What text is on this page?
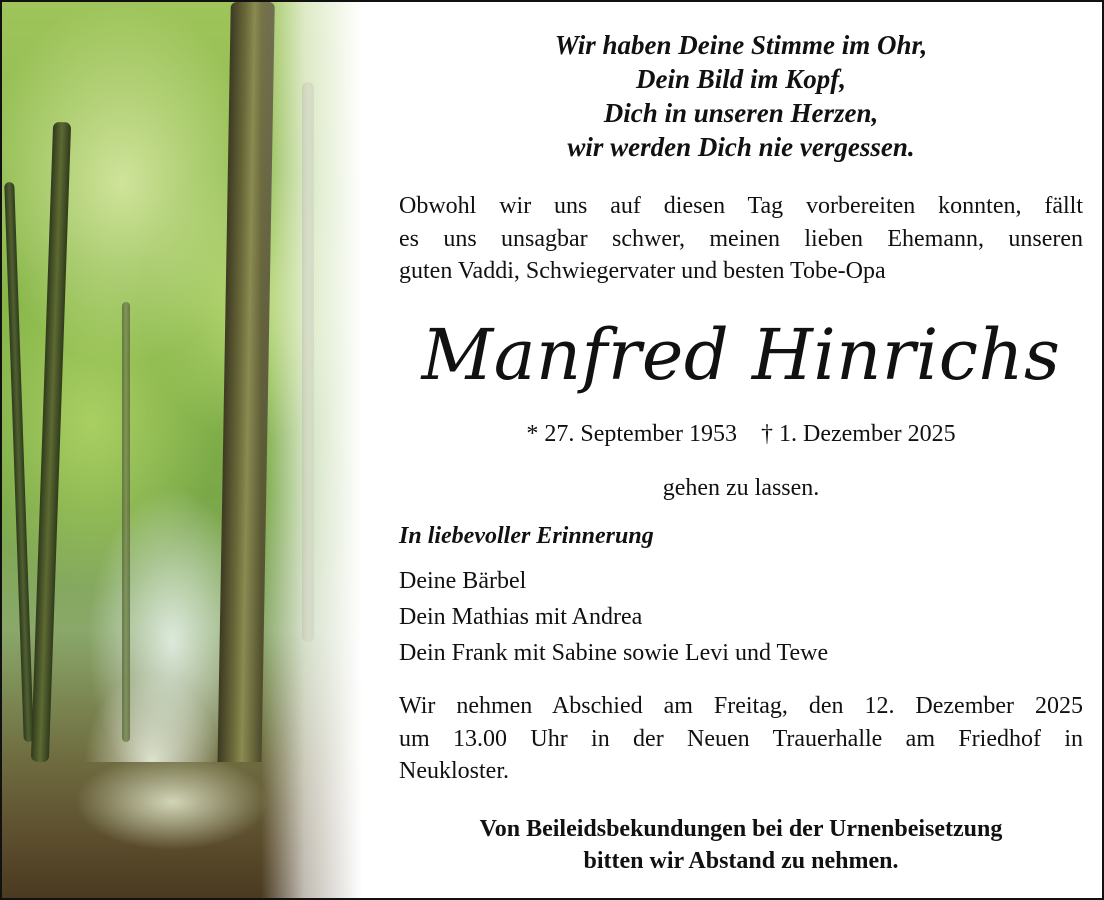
Wir haben Deine Stimme im Ohr,
Dein Bild im Kopf,
Dich in unseren Herzen,
wir werden Dich nie vergessen.
Obwohl wir uns auf diesen Tag vorbereiten konnten, fällt
es uns unsagbar schwer, meinen lieben Ehemann, unseren
guten Vaddi, Schwiegervater und besten Tobe-Opa
Manfred Hinrichs
* 27. September 1953 † 1. Dezember 2025
gehen zu lassen.
In liebevoller Erinnerung
Deine Bärbel
Dein Mathias mit Andrea
Dein Frank mit Sabine sowie Levi und Tewe
Wir nehmen Abschied am Freitag, den 12. Dezember 2025
um 13.00 Uhr in der Neuen Trauerhalle am Friedhof in
Neukloster.
Von Beileidsbekundungen bei der Urnenbeisetzung
bitten wir Abstand zu nehmen.
